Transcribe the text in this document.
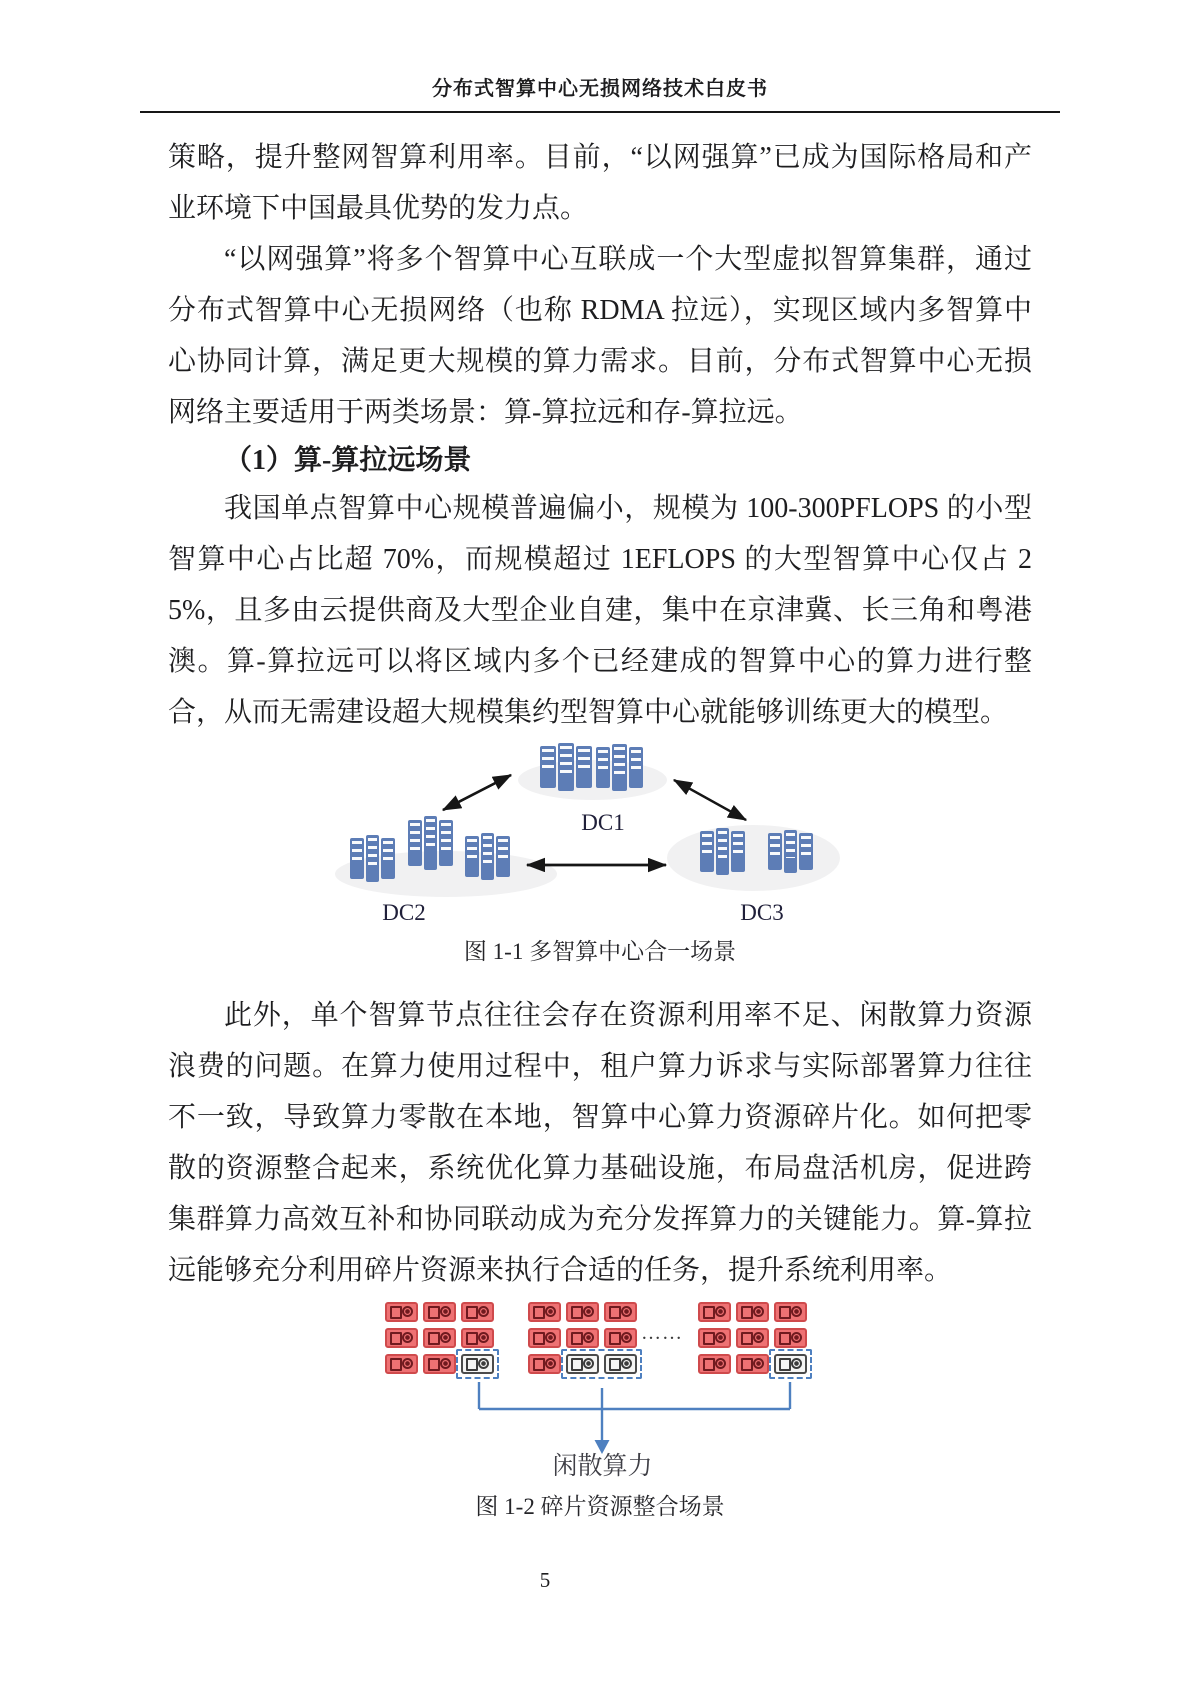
分布式智算中心无损网络技术白皮书

策略，提升整网智算利用率。目前，“以网强算”已成为国际格局和产业环境下中国最具优势的发力点。

“以网强算”将多个智算中心互联成一个大型虚拟智算集群，通过分布式智算中心无损网络（也称 RDMA 拉远），实现区域内多智算中心协同计算，满足更大规模的算力需求。目前，分布式智算中心无损网络主要适用于两类场景：算-算拉远和存-算拉远。

（1）算-算拉远场景

我国单点智算中心规模普遍偏小，规模为 100-300PFLOPS 的小型智算中心占比超 70%，而规模超过 1EFLOPS 的大型智算中心仅占 25%，且多由云提供商及大型企业自建，集中在京津冀、长三角和粤港澳。算-算拉远可以将区域内多个已经建成的智算中心的算力进行整合，从而无需建设超大规模集约型智算中心就能够训练更大的模型。

DC1
DC2	DC3
图 1-1 多智算中心合一场景

此外，单个智算节点往往会存在资源利用率不足、闲散算力资源浪费的问题。在算力使用过程中，租户算力诉求与实际部署算力往往不一致，导致算力零散在本地，智算中心算力资源碎片化。如何把零散的资源整合起来，系统优化算力基础设施，布局盘活机房，促进跨集群算力高效互补和协同联动成为充分发挥算力的关键能力。算-算拉远能够充分利用碎片资源来执行合适的任务，提升系统利用率。

……
闲散算力
图 1-2 碎片资源整合场景
5
